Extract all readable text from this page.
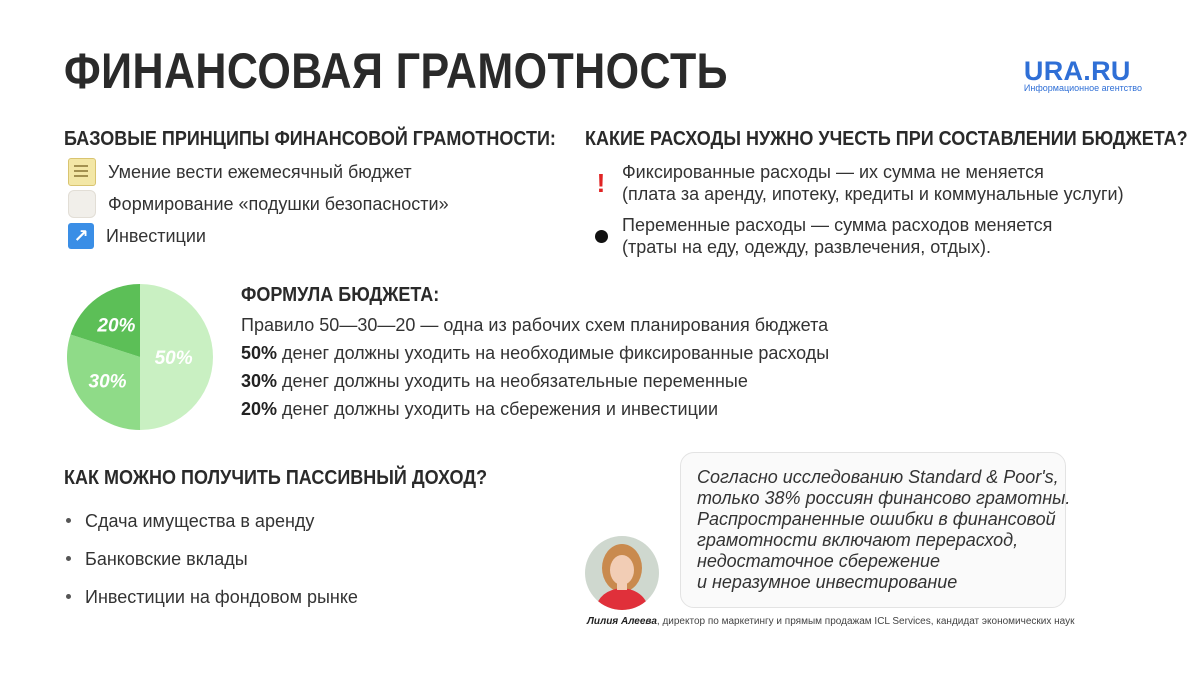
ФИНАНСОВАЯ ГРАМОТНОСТЬ	URA.RU
Информационное агентство
БАЗОВЫЕ ПРИНЦИПЫ ФИНАНСОВОЙ ГРАМОТНОСТИ:
Умение вести ежемесячный бюджет
Формирование «подушки безопасности»
↗ Инвестиции
КАКИЕ РАСХОДЫ НУЖНО УЧЕСТЬ ПРИ СОСТАВЛЕНИИ БЮДЖЕТА?
! Фиксированные расходы — их сумма не меняется
(плата за аренду, ипотеку, кредиты и коммунальные услуги)
Переменные расходы — сумма расходов меняется
(траты на еду, одежду, развлечения, отдых).
50%
30%
20%
ФОРМУЛА БЮДЖЕТА:
Правило 50—30—20 — одна из рабочих схем планирования бюджета
50% денег должны уходить на необходимые фиксированные расходы
30% денег должны уходить на необязательные переменные
20% денег должны уходить на сбережения и инвестиции
КАК МОЖНО ПОЛУЧИТЬ ПАССИВНЫЙ ДОХОД?
Сдача имущества в аренду
Банковские вклады
Инвестиции на фондовом рынке
Согласно исследованию Standard & Poor's,
только 38% россиян финансово грамотны.
Распространенные ошибки в финансовой
грамотности включают перерасход,
недостаточное сбережение
и неразумное инвестирование
Лилия Алеева, директор по маркетингу и прямым продажам ICL Services, кандидат экономических наук
